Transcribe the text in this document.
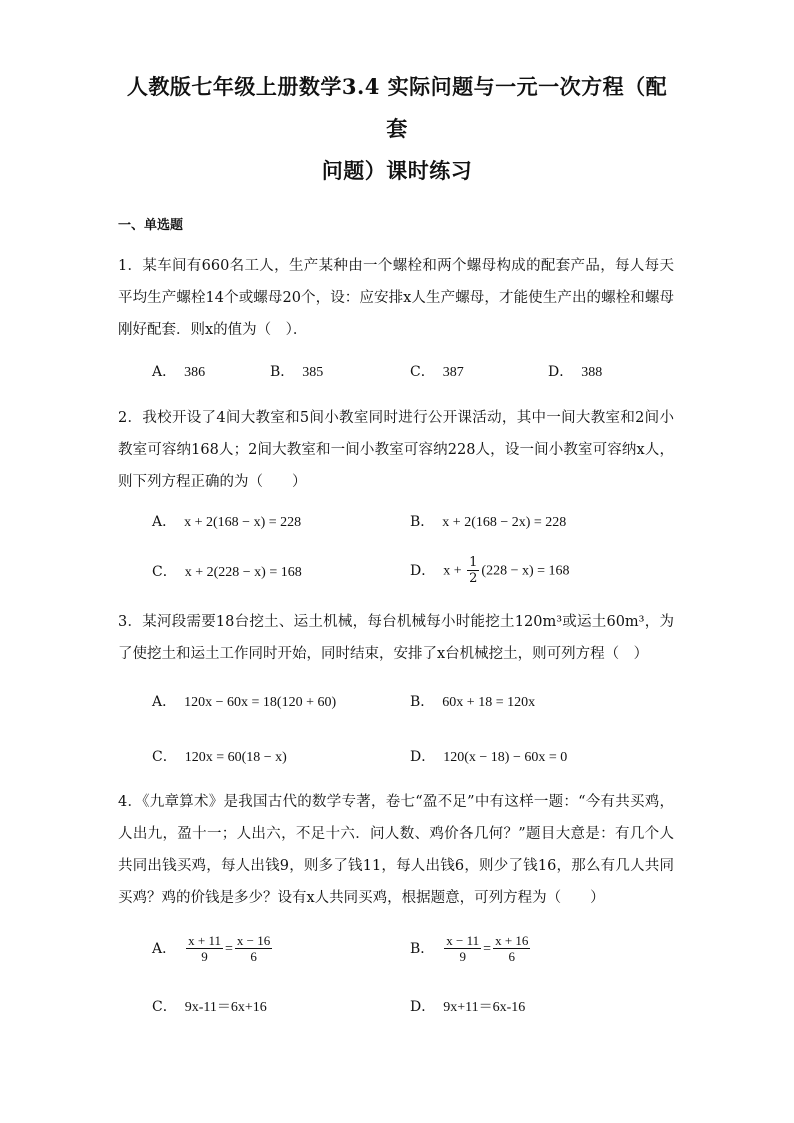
人教版七年级上册数学3.4 实际问题与一元一次方程（配套
问题）课时练习
一、单选题
1．某车间有660名工人，生产某种由一个螺栓和两个螺母构成的配套产品，每人每天平均生产螺栓14个或螺母20个，设：应安排x人生产螺母，才能使生产出的螺栓和螺母刚好配套．则x的值为（　）．
A． 386	B． 385	C． 387	D． 388
2．我校开设了4间大教室和5间小教室同时进行公开课活动，其中一间大教室和2间小教室可容纳168人；2间大教室和一间小教室可容纳228人，设一间小教室可容纳x人，则下列方程正确的为（　　）
A． x + 2(168 − x) = 228	B． x + 2(168 − 2x) = 228
C． x + 2(228 − x) = 168	D． $x + \frac{1}{2} (228 - x) = 168$
3．某河段需要18台挖土、运土机械，每台机械每小时能挖土120m³或运土60m³，为了使挖土和运土工作同时开始，同时结束，安排了x台机械挖土，则可列方程（　）
A． 120x − 60x = 18(120 + 60)	B． 60x + 18 = 120x
C． 120x = 60(18 − x)	D． 120(x − 18) − 60x = 0
4．《九章算术》是我国古代的数学专著，卷七“盈不足”中有这样一题：“今有共买鸡，人出九，盈十一；人出六，不足十六．问人数、鸡价各几何？”题目大意是：有几个人共同出钱买鸡，每人出钱9，则多了钱11，每人出钱6，则少了钱16，那么有几人共同买鸡？鸡的价钱是多少？设有x人共同买鸡，根据题意，可列方程为（　　）
A． $\frac{x + 11}{9} = \frac{x - 16}{6}$	B． $\frac{x - 11}{9} = \frac{x + 16}{6}$
C． 9x-11＝6x+16	D． 9x+11＝6x-16
